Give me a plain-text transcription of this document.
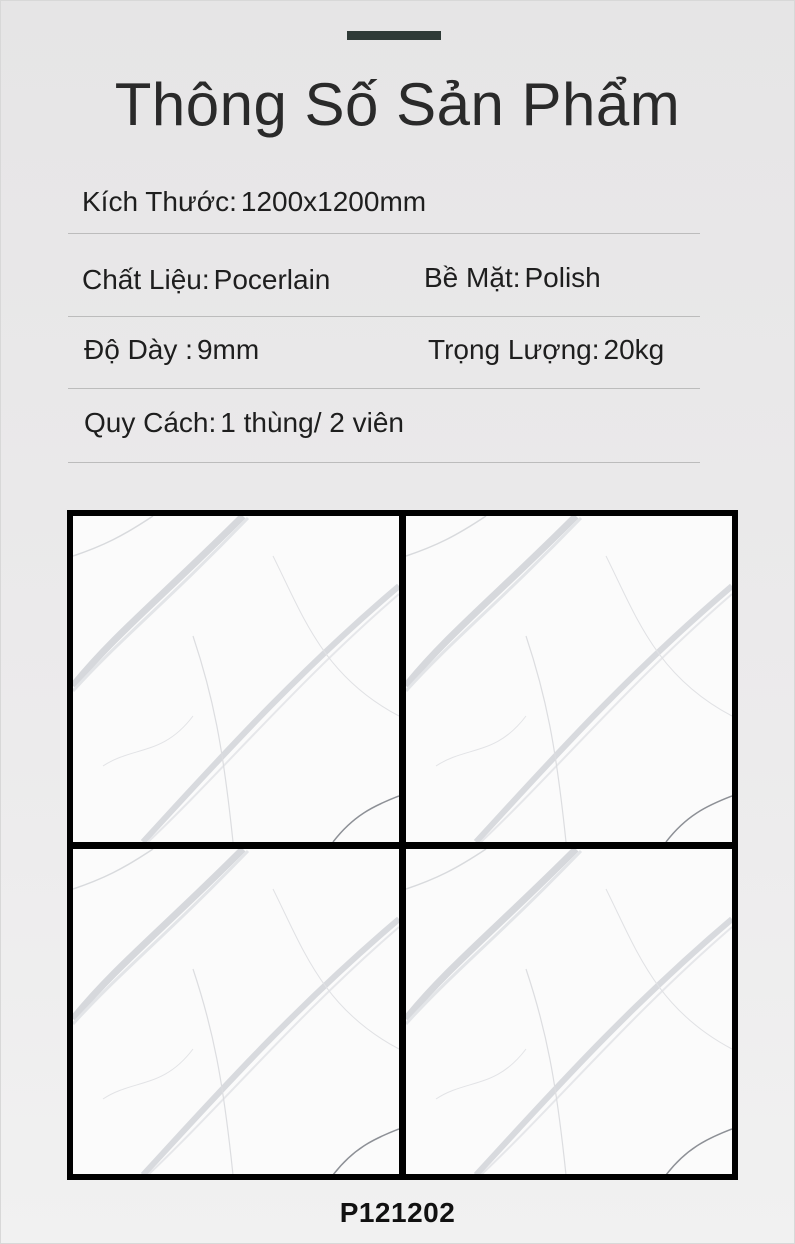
Thông Số Sản Phẩm
Kích Thước: 1200x1200mm
Chất Liệu: Pocerlain	Bề Mặt: Polish
Độ Dày : 9mm	Trọng Lượng: 20kg
Quy Cách: 1 thùng/ 2 viên
P121202
